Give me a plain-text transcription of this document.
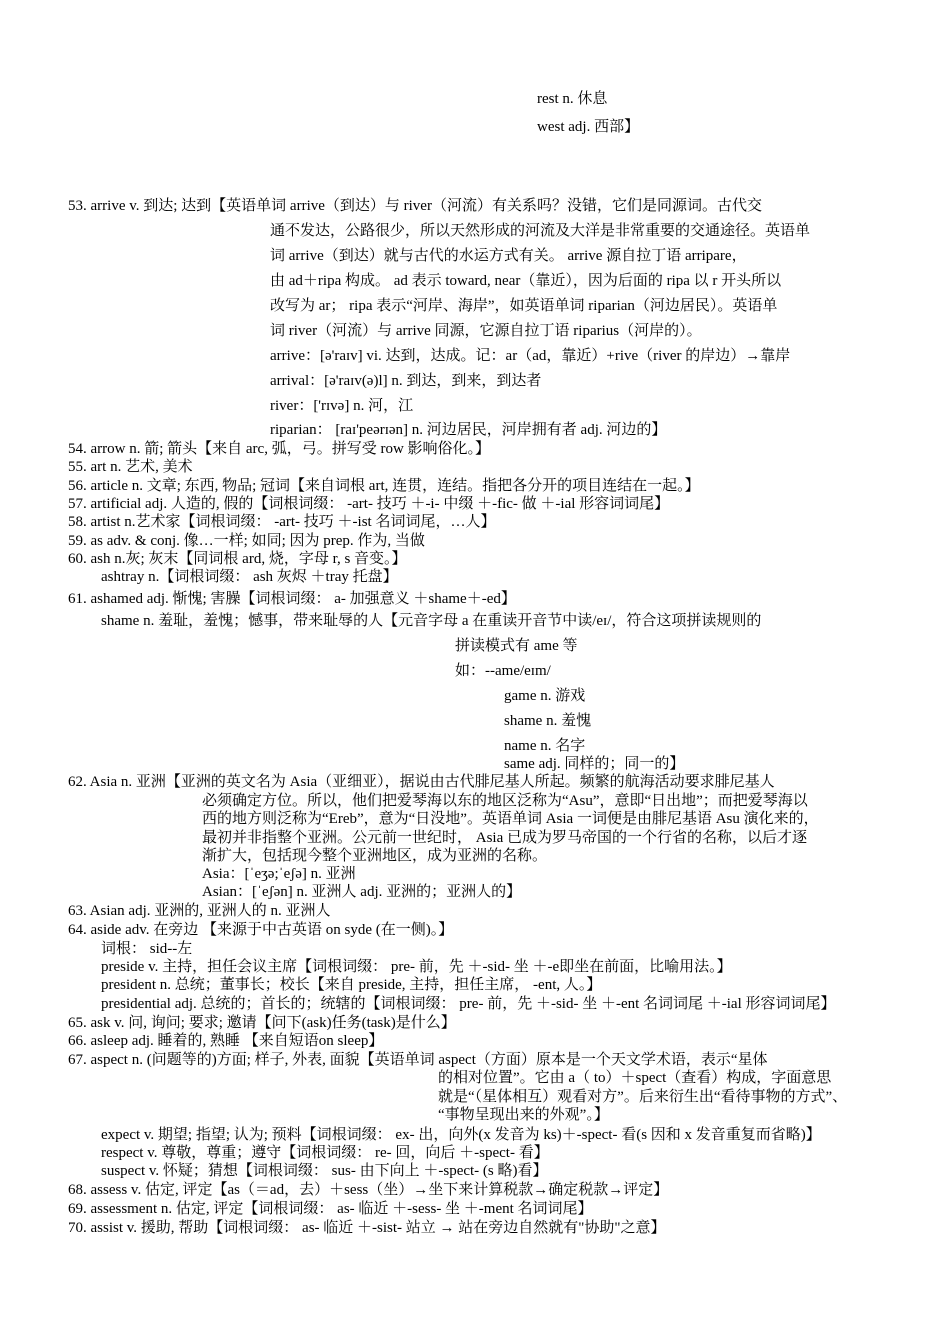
rest n. 休息
west adj. 西部】
53. arrive v. 到达; 达到【英语单词 arrive（到达）与 river（河流）有关系吗？没错，它们是同源词。古代交
通不发达，公路很少，所以天然形成的河流及大洋是非常重要的交通途径。英语单
词 arrive（到达）就与古代的水运方式有关。 arrive 源自拉丁语 arripare，
由 ad＋ripa 构成。 ad 表示 toward, near（靠近），因为后面的 ripa 以 r 开头所以
改写为 ar； ripa 表示“河岸、海岸”，如英语单词 riparian（河边居民）。英语单
词 river（河流）与 arrive 同源，它源自拉丁语 riparius（河岸的）。
arrive：[ə'raɪv] vi. 达到，达成。记：ar（ad，靠近）+rive（river 的岸边）→靠岸
arrival：[ə'raɪv(ə)l] n. 到达，到来，到达者
river：['rɪvə] n. 河，江
riparian： [raɪ'peərɪən] n. 河边居民，河岸拥有者 adj. 河边的】
54. arrow n. 箭; 箭头【来自 arc, 弧，弓。拼写受 row 影响俗化。】
55. art n. 艺术, 美术
56. article n. 文章; 东西, 物品; 冠词【来自词根 art, 连贯，连结。指把各分开的项目连结在一起。】
57. artificial adj. 人造的, 假的【词根词缀： -art- 技巧 ＋-i- 中缀 ＋-fic- 做 ＋-ial 形容词词尾】
58. artist n.艺术家【词根词缀： -art- 技巧 ＋-ist 名词词尾，…人】
59. as adv. & conj. 像…一样; 如同; 因为 prep. 作为, 当做
60. ash n.灰; 灰末【同词根 ard, 烧，字母 r, s 音变。】
ashtray n.【词根词缀： ash 灰烬 ＋tray 托盘】
61. ashamed adj. 惭愧; 害臊【词根词缀： a- 加强意义 ＋shame＋-ed】
shame n. 羞耻，羞愧；憾事，带来耻辱的人【元音字母 a 在重读开音节中读/eɪ/，符合这项拼读规则的
拼读模式有 ame 等
如：--ame/eɪm/
game n. 游戏
shame n. 羞愧
name n. 名字
same adj. 同样的；同一的】
62. Asia n. 亚洲【亚洲的英文名为 Asia（亚细亚），据说由古代腓尼基人所起。频繁的航海活动要求腓尼基人
必须确定方位。所以，他们把爱琴海以东的地区泛称为“Asu”，意即“日出地”；而把爱琴海以
西的地方则泛称为“Ereb”，意为“日没地”。英语单词 Asia 一词便是由腓尼基语 Asu 演化来的，
最初并非指整个亚洲。公元前一世纪时， Asia 已成为罗马帝国的一个行省的名称，以后才逐
渐扩大，包括现今整个亚洲地区，成为亚洲的名称。
Asia：[ˈeʒə;ˈeʃə] n. 亚洲
Asian：[ˈeʃən] n. 亚洲人 adj. 亚洲的；亚洲人的】
63. Asian adj. 亚洲的, 亚洲人的 n. 亚洲人
64. aside adv. 在旁边 【来源于中古英语 on syde (在一侧)。】
词根： sid--左
preside v. 主持，担任会议主席【词根词缀： pre- 前，先 ＋-sid- 坐 ＋-e即坐在前面，比喻用法。】
president n. 总统；董事长；校长【来自 preside, 主持，担任主席， -ent, 人。】
presidential adj. 总统的；首长的；统辖的【词根词缀： pre- 前，先 ＋-sid- 坐 ＋-ent 名词词尾 ＋-ial 形容词词尾】
65. ask v. 问, 询问; 要求; 邀请【问下(ask)任务(task)是什么】
66. asleep adj. 睡着的, 熟睡 【来自短语on sleep】
67. aspect n. (问题等的)方面; 样子, 外表, 面貌【英语单词 aspect（方面）原本是一个天文学术语，表示“星体
的相对位置”。它由 a（ to）＋spect（查看）构成，字面意思
就是“（星体相互）观看对方”。后来衍生出“看待事物的方式”、
“事物呈现出来的外观”。】
expect v. 期望; 指望; 认为; 预料【词根词缀： ex- 出，向外(x 发音为 ks)＋-spect- 看(s 因和 x 发音重复而省略)】
respect v. 尊敬，尊重；遵守【词根词缀： re- 回，向后 ＋-spect- 看】
suspect v. 怀疑；猜想【词根词缀： sus- 由下向上 ＋-spect- (s 略)看】
68. assess v. 估定, 评定【as（＝ad，去）＋sess（坐）→坐下来计算税款→确定税款→评定】
69. assessment n. 估定, 评定【词根词缀： as- 临近 ＋-sess- 坐 ＋-ment 名词词尾】
70. assist v. 援助, 帮助【词根词缀： as- 临近 ＋-sist- 站立 → 站在旁边自然就有"协助"之意】
